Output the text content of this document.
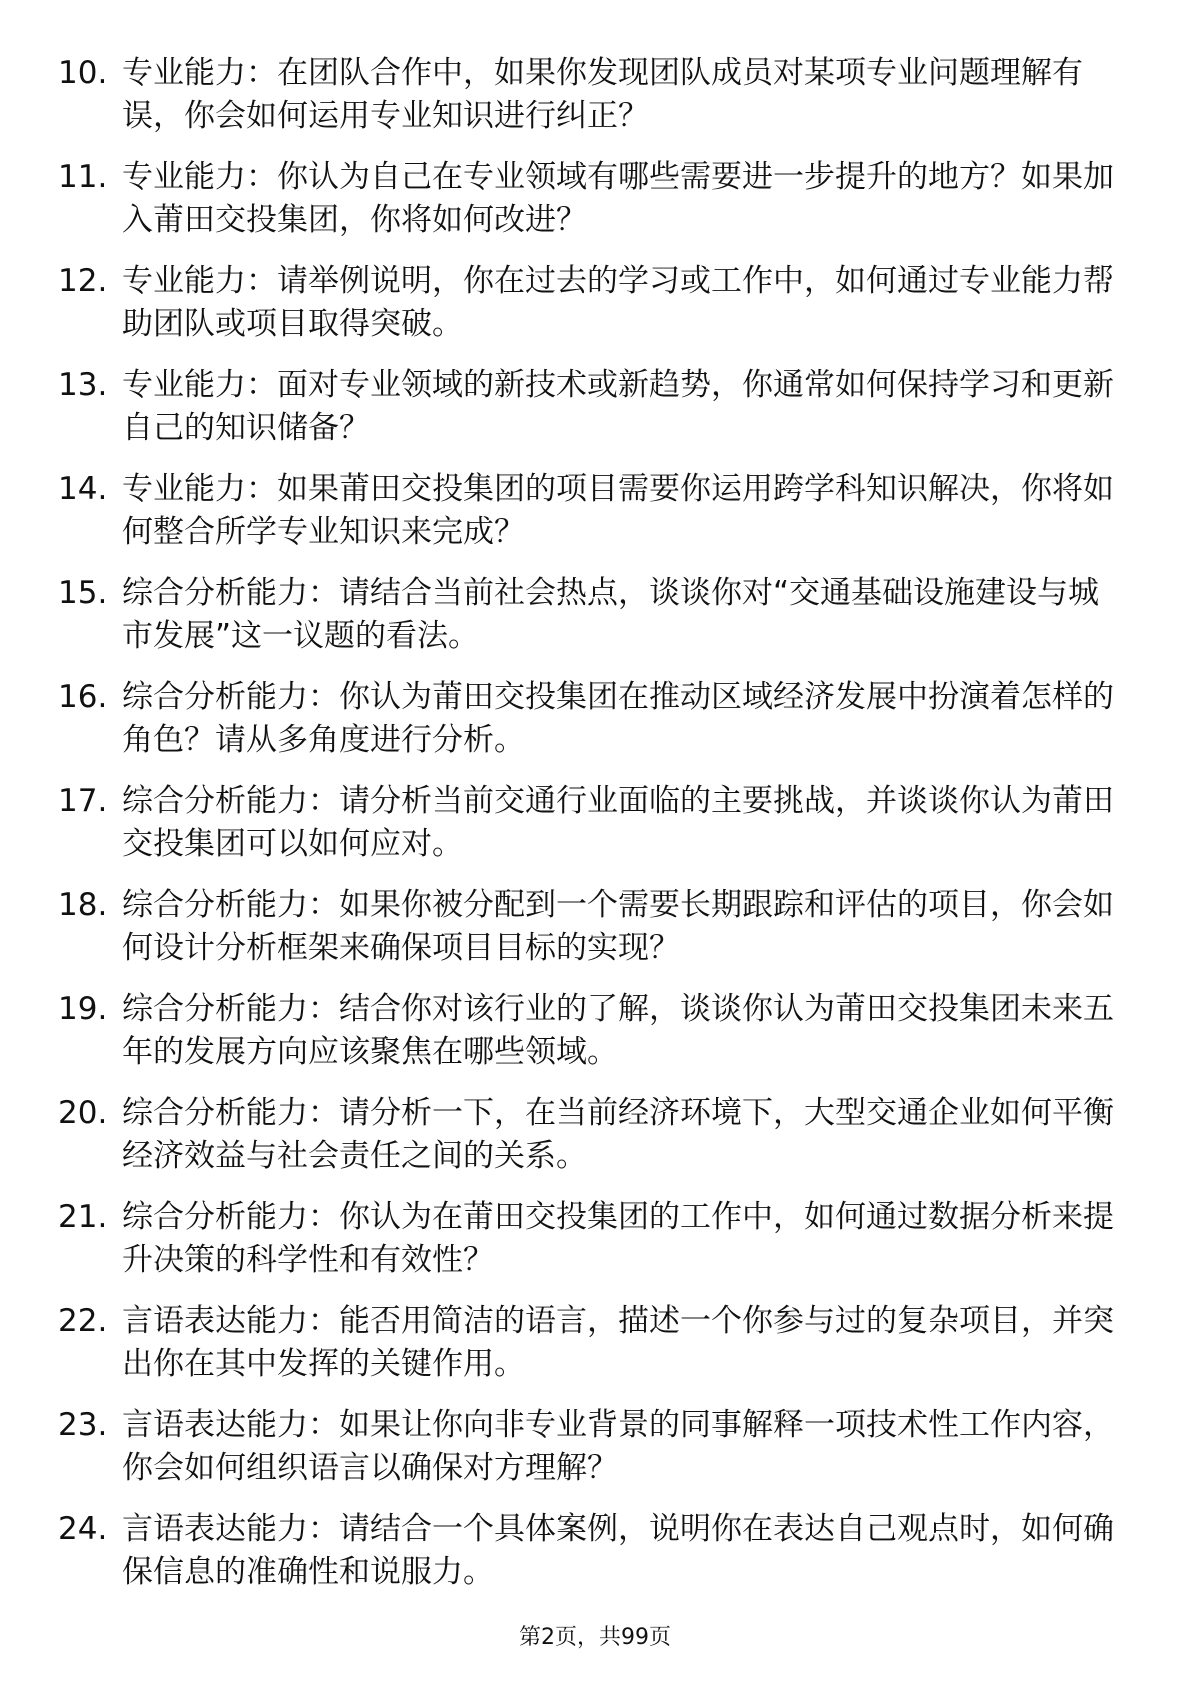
10. 专业能力：在团队合作中，如果你发现团队成员对某项专业问题理解有误，你会如何运用专业知识进行纠正？
11. 专业能力：你认为自己在专业领域有哪些需要进一步提升的地方？如果加入莆田交投集团，你将如何改进？
12. 专业能力：请举例说明，你在过去的学习或工作中，如何通过专业能力帮助团队或项目取得突破。
13. 专业能力：面对专业领域的新技术或新趋势，你通常如何保持学习和更新自己的知识储备？
14. 专业能力：如果莆田交投集团的项目需要你运用跨学科知识解决，你将如何整合所学专业知识来完成？
15. 综合分析能力：请结合当前社会热点，谈谈你对“交通基础设施建设与城市发展”这一议题的看法。
16. 综合分析能力：你认为莆田交投集团在推动区域经济发展中扮演着怎样的角色？请从多角度进行分析。
17. 综合分析能力：请分析当前交通行业面临的主要挑战，并谈谈你认为莆田交投集团可以如何应对。
18. 综合分析能力：如果你被分配到一个需要长期跟踪和评估的项目，你会如何设计分析框架来确保项目目标的实现？
19. 综合分析能力：结合你对该行业的了解，谈谈你认为莆田交投集团未来五年的发展方向应该聚焦在哪些领域。
20. 综合分析能力：请分析一下，在当前经济环境下，大型交通企业如何平衡经济效益与社会责任之间的关系。
21. 综合分析能力：你认为在莆田交投集团的工作中，如何通过数据分析来提升决策的科学性和有效性？
22. 言语表达能力：能否用简洁的语言，描述一个你参与过的复杂项目，并突出你在其中发挥的关键作用。
23. 言语表达能力：如果让你向非专业背景的同事解释一项技术性工作内容，你会如何组织语言以确保对方理解？
24. 言语表达能力：请结合一个具体案例，说明你在表达自己观点时，如何确保信息的准确性和说服力。
第2页，共99页
